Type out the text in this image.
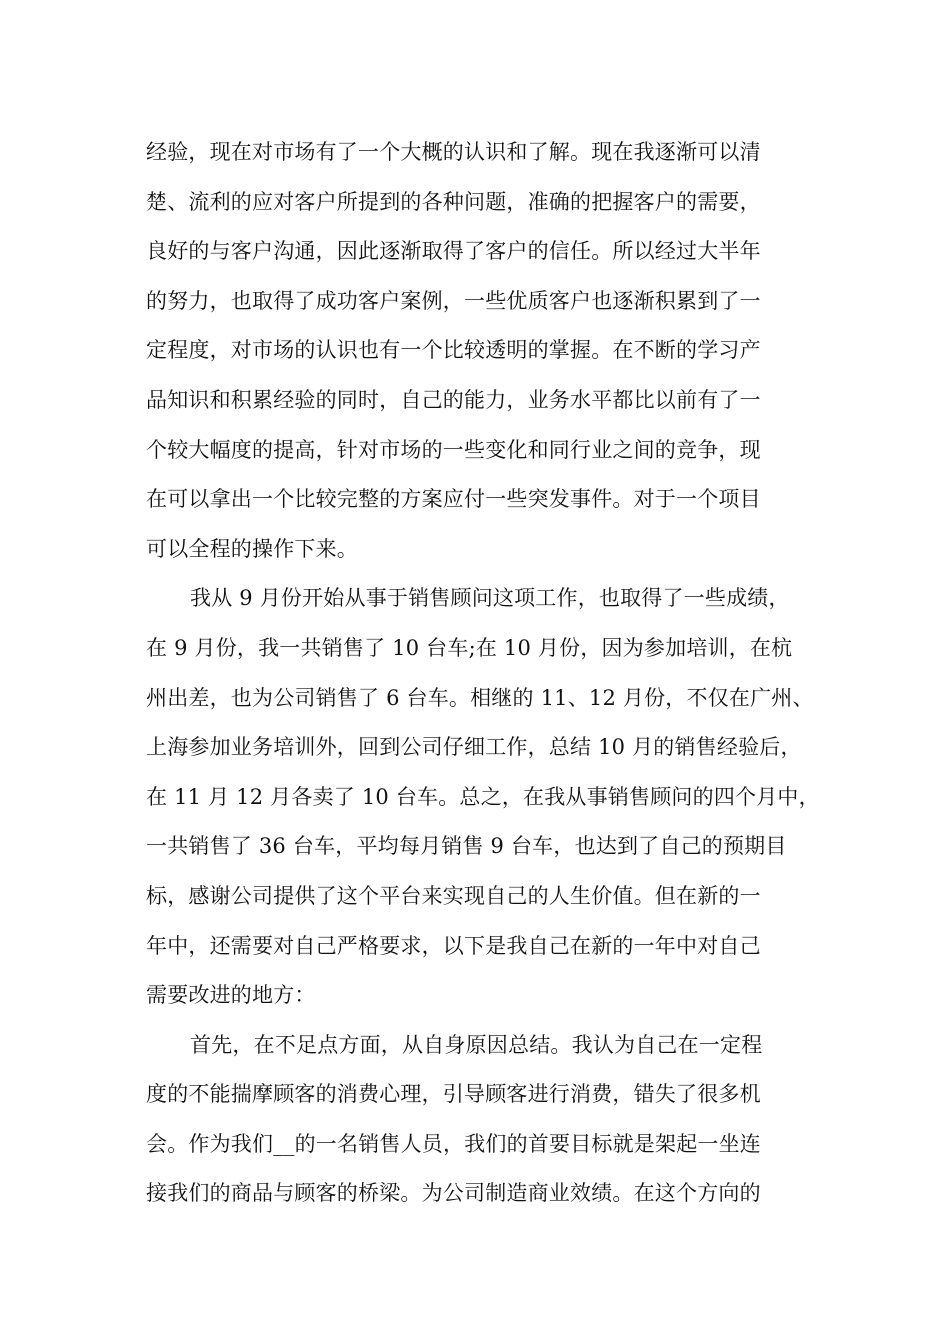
经验，现在对市场有了一个大概的认识和了解。现在我逐渐可以清
楚、流利的应对客户所提到的各种问题，准确的把握客户的需要，
良好的与客户沟通，因此逐渐取得了客户的信任。所以经过大半年
的努力，也取得了成功客户案例，一些优质客户也逐渐积累到了一
定程度，对市场的认识也有一个比较透明的掌握。在不断的学习产
品知识和积累经验的同时，自己的能力，业务水平都比以前有了一
个较大幅度的提高，针对市场的一些变化和同行业之间的竞争，现
在可以拿出一个比较完整的方案应付一些突发事件。对于一个项目
可以全程的操作下来。
我从 9 月份开始从事于销售顾问这项工作，也取得了一些成绩，
在 9 月份，我一共销售了 10 台车;在 10 月份，因为参加培训，在杭
州出差，也为公司销售了 6 台车。相继的 11、12 月份，不仅在广州、
上海参加业务培训外，回到公司仔细工作，总结 10 月的销售经验后，
在 11 月 12 月各卖了 10 台车。总之，在我从事销售顾问的四个月中，
一共销售了 36 台车，平均每月销售 9 台车，也达到了自己的预期目
标，感谢公司提供了这个平台来实现自己的人生价值。但在新的一
年中，还需要对自己严格要求，以下是我自己在新的一年中对自己
需要改进的地方：
首先，在不足点方面，从自身原因总结。我认为自己在一定程
度的不能揣摩顾客的消费心理，引导顾客进行消费，错失了很多机
会。作为我们__的一名销售人员，我们的首要目标就是架起一坐连
接我们的商品与顾客的桥梁。为公司制造商业效绩。在这个方向的
